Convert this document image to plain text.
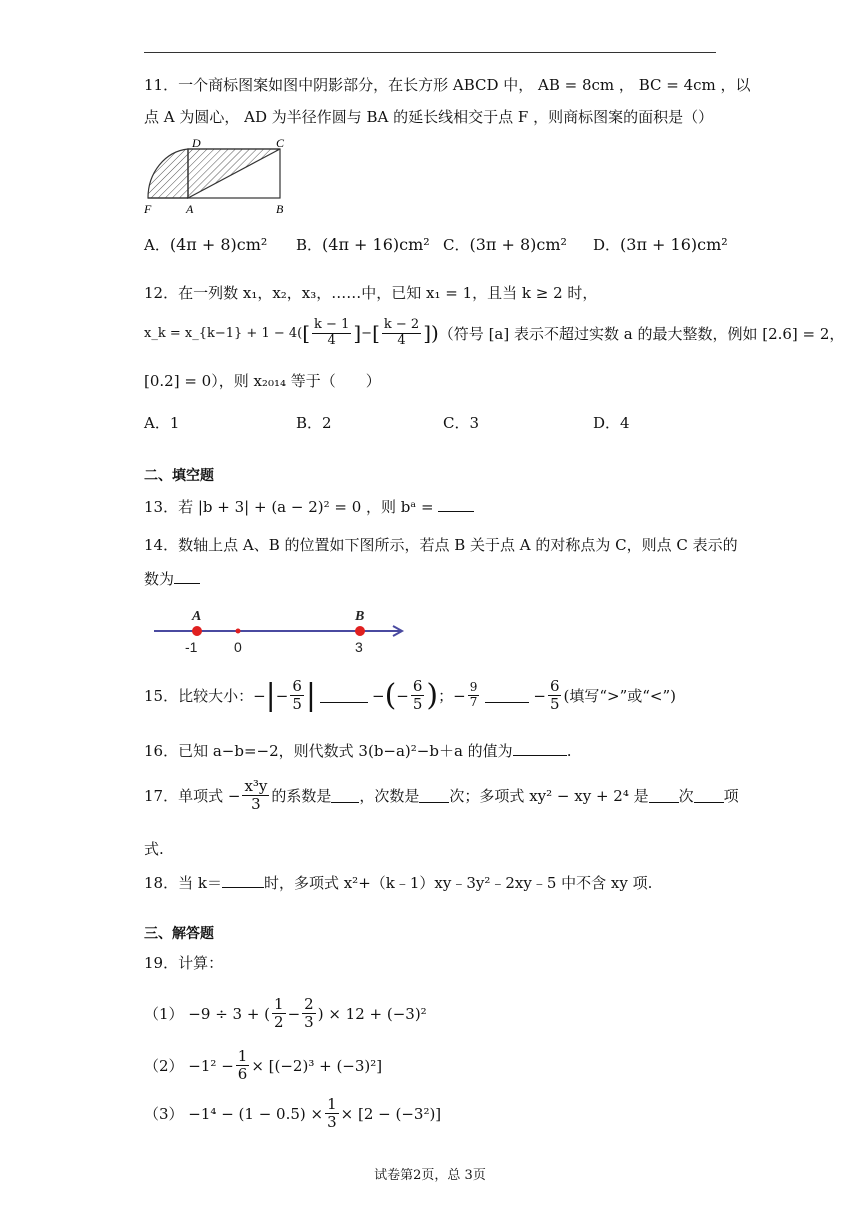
11．一个商标图案如图中阴影部分，在长方形 ABCD 中， AB = 8cm ， BC = 4cm ，以
点 A 为圆心， AD 为半径作圆与 BA 的延长线相交于点 F ，则商标图案的面积是（）
D	C
F	A	B
A．(4π + 8)cm² B．(4π + 16)cm² C．(3π + 8)cm² D．(3π + 16)cm²
12．在一列数 x₁，x₂，x₃，……中，已知 x₁ = 1，且当 k ≥ 2 时，
x_k = x_{k−1} + 1 − 4( [ $\frac{k - 1}{4}$ ] − [ $\frac{k - 2}{4}$ ]) （符号 [a] 表示不超过实数 a 的最大整数，例如 [2.6] = 2，
[0.2] = 0），则 x₂₀₁₄ 等于（　　）
A．1	B．2	C．3	D．4
二、填空题
13．若 |b + 3| + (a − 2)² = 0 ，则 bᵃ =
14．数轴上点 A、B 的位置如下图所示，若点 B 关于点 A 的对称点为 C，则点 C 表示的
数为
A	B
-1	0	3
15．比较大小：− | − $\frac{6}{5}$ |	− ( − $\frac{6}{5}$ ) ；− $\frac{9}{7}$	− $\frac{6}{5}$ (填写“>”或“<”)
16．已知 a−b=−2，则代数式 3(b−a)²−b＋a 的值为	.
17．单项式 − $\frac{\text{x³y}}{3}$ 的系数是 ，次数是 次；多项式 xy² − xy + 2⁴ 是 次 项
式.
18．当 k＝	时，多项式 x²+（k﹣1）xy﹣3y²﹣2xy﹣5 中不含 xy 项.
三、解答题
19．计算：
（1） −9 ÷ 3 + ( $\frac{1}{2} - \frac{2}{3}$ ) × 12 + (−3)²
$(2) -1^2 - \frac{1}{6} \times [(-2)^3 + (-3)^2]$
$(3) -1^4 - (1 - 0.5) \times \frac{1}{3} \times [2 - (-3^2)]$
试卷第2页，总 3页
